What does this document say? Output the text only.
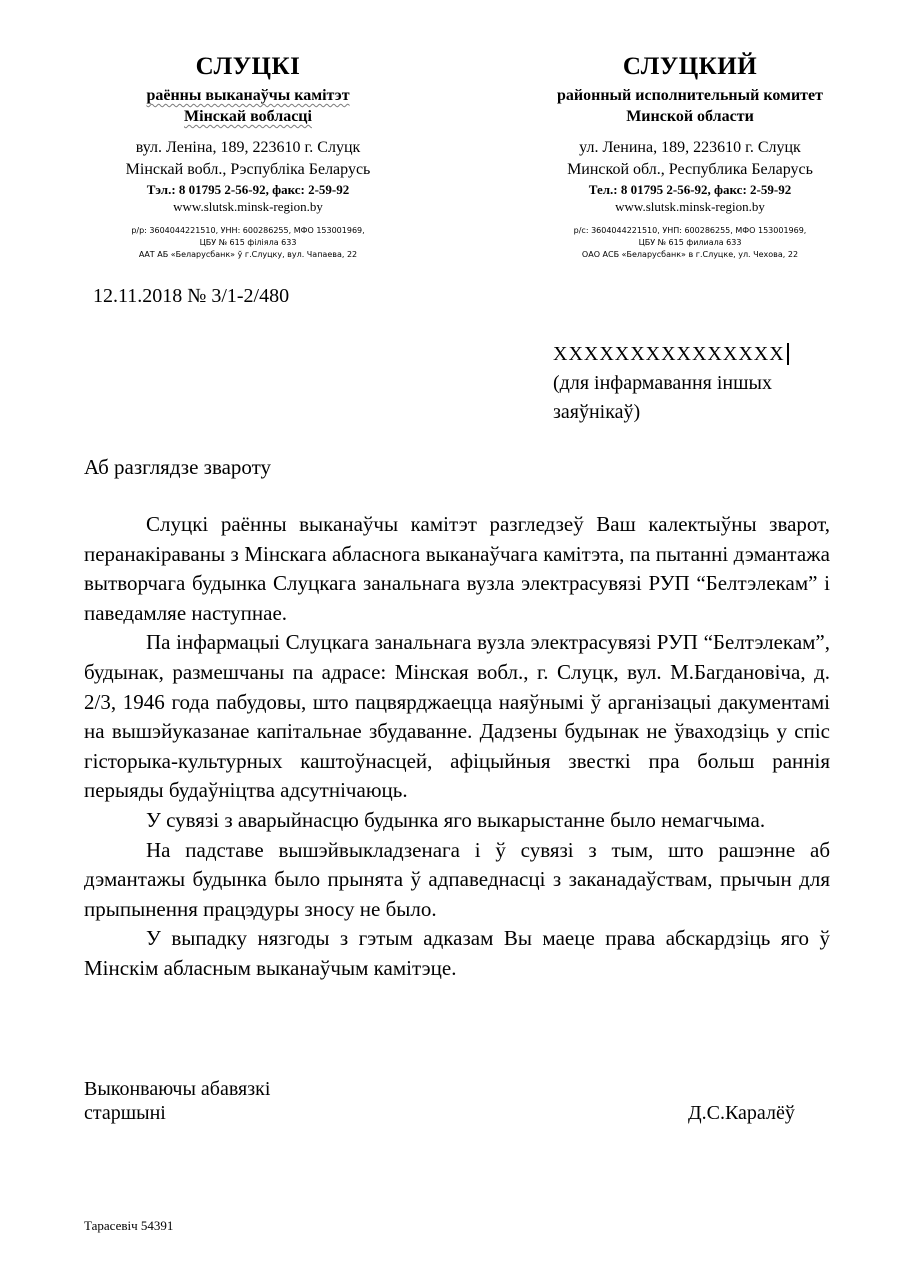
СЛУЦКІ
раённы выканаўчы камітэт
Мінскай вобласці
вул. Леніна, 189, 223610 г. Слуцк
Мінскай вобл., Рэспубліка Беларусь
Тэл.: 8 01795 2-56-92, факс: 2-59-92
www.slutsk.minsk-region.by
р/р: 3604044221510, УНН: 600286255, МФО 153001969,
ЦБУ № 615 філіяла 633
ААТ АБ «Беларусбанк» ў г.Слуцку, вул. Чапаева, 22
СЛУЦКИЙ
районный исполнительный комитет
Минской области
ул. Ленина, 189, 223610 г. Слуцк
Минской обл., Республика Беларусь
Тел.: 8 01795 2-56-92, факс: 2-59-92
www.slutsk.minsk-region.by
р/с: 3604044221510, УНП: 600286255, МФО 153001969,
ЦБУ № 615 филиала 633
ОАО АСБ «Беларусбанк» в г.Слуцке, ул. Чехова, 22
12.11.2018 № 3/1-2/480
ХХХХХХХХХХХХХХХ
(для інфармавання іншых
заяўнікаў)
Аб разглядзе звароту

Слуцкі раённы выканаўчы камітэт разгледзеў Ваш калектыўны зварот, перанакіраваны з Мінскага абласнога выканаўчага камітэта, па пытанні дэмантажа вытворчага будынка Слуцкага занальнага вузла электрасувязі РУП “Белтэлекам” і паведамляе наступнае.

Па інфармацыі Слуцкага занальнага вузла электрасувязі РУП “Белтэлекам”, будынак, размешчаны па адрасе: Мінская вобл., г. Слуцк, вул. М.Багдановіча, д. 2/3, 1946 года пабудовы, што пацвярджаецца наяўнымі ў арганізацыі дакументамі на вышэйуказанае капітальнае збудаванне. Дадзены будынак не ўваходзіць у спіс гісторыка-культурных каштоўнасцей, афіцыйныя звесткі пра больш раннія перыяды будаўніцтва адсутнічаюць.

У сувязі з аварыйнасцю будынка яго выкарыстанне было немагчыма.

На падставе вышэйвыкладзенага і ў сувязі з тым, што рашэнне аб дэмантажы будынка было прынята ў адпаведнасці з заканадаўствам, прычын для прыпынення працэдуры зносу не было.

У выпадку нязгоды з гэтым адказам Вы маеце права абскардзіць яго ў Мінскім абласным выканаўчым камітэце.

Выконваючы абавязкі
старшыні	Д.С.Каралёў
Тарасевіч 54391
